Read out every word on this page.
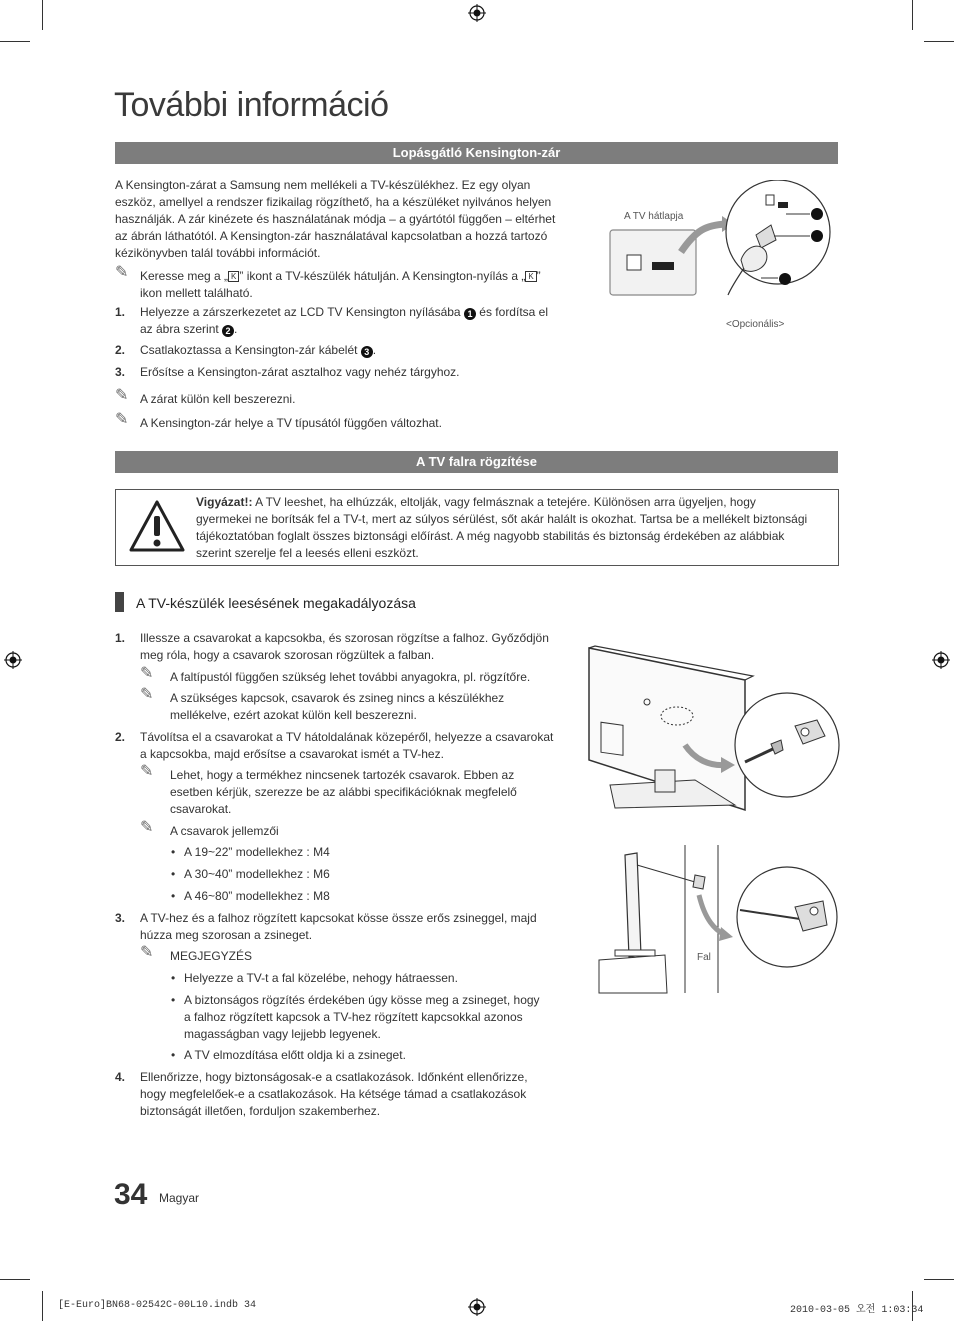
További információ
Lopásgátló Kensington-zár
A Kensington-zárat a Samsung nem mellékeli a TV-készülékhez. Ez egy olyan
eszköz, amellyel a rendszer fizikailag rögzíthető, ha a készüléket nyilvános helyen
használják. A zár kinézete és használatának módja – a gyártótól függően – eltérhet
az ábrán láthatótól. A Kensington-zár használatával kapcsolatban a hozzá tartozó
kézikönyvben talál további információt.
✎ Keresse meg a „ K ” ikont a TV-készülék hátulján. A Kensington-nyílás a „ K ”
ikon mellett található.
1. Helyezze a zárszerkezetet az LCD TV Kensington nyílásába 1 és fordítsa el
az ábra szerint 2 .
2. Csatlakoztassa a Kensington-zár kábelét 3 .
3. Erősítse a Kensington-zárat asztalhoz vagy nehéz tárgyhoz.
✎ A zárat külön kell beszerezni.
✎ A Kensington-zár helye a TV típusától függően változhat.
A TV hátlapja
<Opcionális>
A TV falra rögzítése
Vigyázat!: A TV leeshet, ha elhúzzák, eltolják, vagy felmásznak a tetejére. Különösen arra ügyeljen, hogy
gyermekei ne borítsák fel a TV-t, mert az súlyos sérülést, sőt akár halált is okozhat. Tartsa be a mellékelt biztonsági
tájékoztatóban foglalt összes biztonsági előírást. A még nagyobb stabilitás és biztonság érdekében az alábbiak
szerint szerelje fel a leesés elleni eszközt.
A TV-készülék leesésének megakadályozása
1. Illessze a csavarokat a kapcsokba, és szorosan rögzítse a falhoz. Győződjön
meg róla, hogy a csavarok szorosan rögzültek a falban.
✎ A faltípustól függően szükség lehet további anyagokra, pl. rögzítőre.
✎ A szükséges kapcsok, csavarok és zsineg nincs a készülékhez
mellékelve, ezért azokat külön kell beszerezni.
2. Távolítsa el a csavarokat a TV hátoldalának közepéről, helyezze a csavarokat
a kapcsokba, majd erősítse a csavarokat ismét a TV-hez.
✎ Lehet, hogy a termékhez nincsenek tartozék csavarok. Ebben az
esetben kérjük, szerezze be az alábbi specifikációknak megfelelő
csavarokat.
✎ A csavarok jellemzői
• A 19~22” modellekhez : M4
• A 30~40” modellekhez : M6
• A 46~80” modellekhez : M8
3. A TV-hez és a falhoz rögzített kapcsokat kösse össze erős zsineggel, majd
húzza meg szorosan a zsineget.
✎ MEGJEGYZÉS
• Helyezze a TV-t a fal közelébe, nehogy hátraessen.
• A biztonságos rögzítés érdekében úgy kösse meg a zsineget, hogy
a falhoz rögzített kapcsok a TV-hez rögzített kapcsokkal azonos
magasságban vagy lejjebb legyenek.
• A TV elmozdítása előtt oldja ki a zsineget.
4. Ellenőrizze, hogy biztonságosak-e a csatlakozások. Időnként ellenőrizze,
hogy megfelelőek-e a csatlakozások. Ha kétsége támad a csatlakozások
biztonságát illetően, forduljon szakemberhez.
Fal
34 Magyar
[E-Euro]BN68-02542C-00L10.indb 34	2010-03-05 오전 1:03:34
